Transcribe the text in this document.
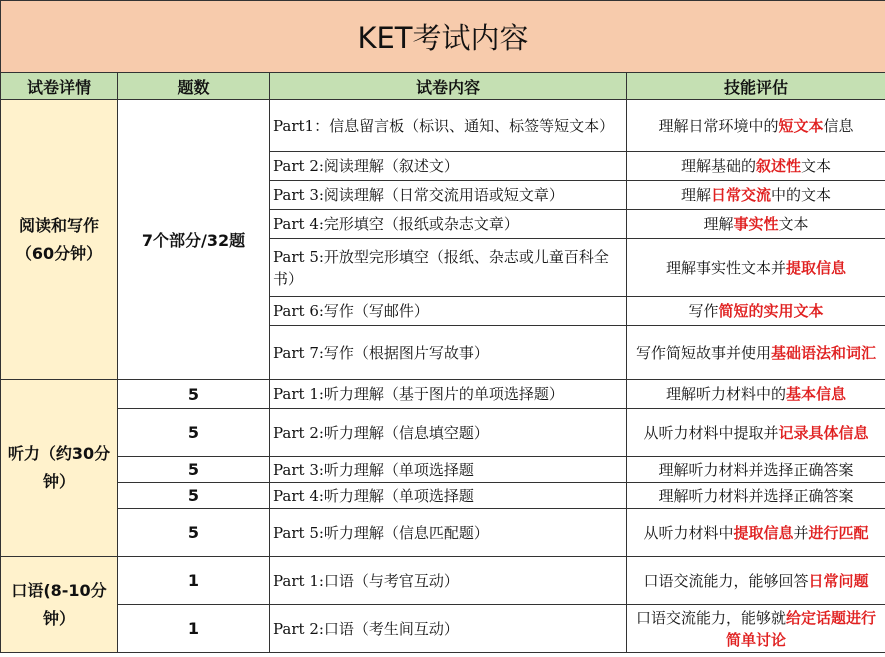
KET考试内容			
试卷详情	题数	试卷内容	技能评估
阅读和写作（60分钟）	7个部分/32题	Part1：信息留言板（标识、通知、标签等短文本）	理解日常环境中的短文本信息
		Part 2:阅读理解（叙述文）	理解基础的叙述性文本
		Part 3:阅读理解（日常交流用语或短文章）	理解日常交流中的文本
		Part 4:完形填空（报纸或杂志文章）	理解事实性文本
		Part 5:开放型完形填空（报纸、杂志或儿童百科全书）	理解事实性文本并提取信息
		Part 6:写作（写邮件）	写作简短的实用文本
		Part 7:写作（根据图片写故事）	写作简短故事并使用基础语法和词汇
听力（约30分钟）	5	Part 1:听力理解（基于图片的单项选择题）	理解听力材料中的基本信息
	5	Part 2:听力理解（信息填空题）	从听力材料中提取并记录具体信息
	5	Part 3:听力理解（单项选择题	理解听力材料并选择正确答案
	5	Part 4:听力理解（单项选择题	理解听力材料并选择正确答案
	5	Part 5:听力理解（信息匹配题）	从听力材料中提取信息并进行匹配
口语(8-10分钟）	1	Part 1:口语（与考官互动）	口语交流能力，能够回答日常问题
	1	Part 2:口语（考生间互动）	口语交流能力，能够就给定话题进行简单讨论
